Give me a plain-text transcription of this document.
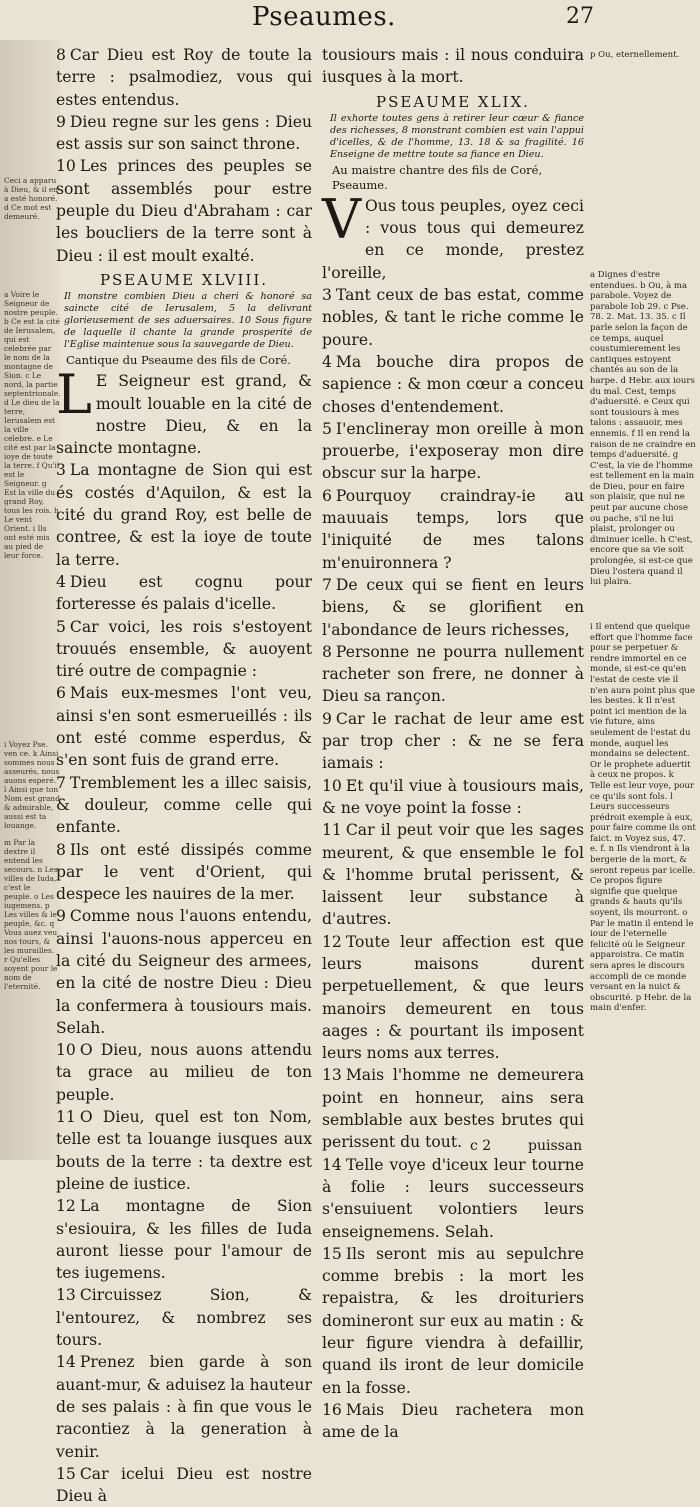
Pseaumes.	27

8 Car Dieu est Roy de toute la terre : psalmodiez, vous qui estes entendus.

9 Dieu regne sur les gens : Dieu est assis sur son sainct throne.

10 Les princes des peuples se sont assemblés pour estre peuple du Dieu d'Abraham : car les boucliers de la terre sont à Dieu : il est moult exalté.

PSEAUME XLVIII.
Il monstre combien Dieu a cheri & honoré sa saincte cité de Ierusalem, 5 la delivrant glorieusement de ses aduersaires. 10 Sous figure de laquelle il chante la grande prosperité de l'Eglise maintenue sous la sauvegarde de Dieu.
Cantique du Pseaume des fils de Coré.
L E Seigneur est grand, & moult louable en la cité de nostre Dieu, & en la saincte montagne.

3 La montagne de Sion qui est és costés d'Aquilon, & est la cité du grand Roy, est belle de contree, & est la ioye de toute la terre.

4 Dieu est cognu pour forteresse és palais d'icelle.

5 Car voici, les rois s'estoyent trouués ensemble, & auoyent tiré outre de compagnie :

6 Mais eux-mesmes l'ont veu, ainsi s'en sont esmerueillés : ils ont esté comme esperdus, & s'en sont fuis de grand erre.

7 Tremblement les a illec saisis, & douleur, comme celle qui enfante.

8 Ils ont esté dissipés comme par le vent d'Orient, qui despece les nauires de la mer.

9 Comme nous l'auons entendu, ainsi l'auons-nous apperceu en la cité du Seigneur des armees, en la cité de nostre Dieu : Dieu la confermera à tousiours mais. Selah.

10 O Dieu, nous auons attendu ta grace au milieu de ton peuple.

11 O Dieu, quel est ton Nom, telle est ta louange iusques aux bouts de la terre : ta dextre est pleine de iustice.

12 La montagne de Sion s'esiouira, & les filles de Iuda auront liesse pour l'amour de tes iugemens.

13 Circuissez Sion, & l'entourez, & nombrez ses tours.

14 Prenez bien garde à son auant-mur, & aduisez la hauteur de ses palais : à fin que vous le racontiez à la generation à venir.

15 Car icelui Dieu est nostre Dieu à

tousiours mais : il nous conduira iusques à la mort.

PSEAUME XLIX.
Il exhorte toutes gens à retirer leur cœur & fiance des richesses, 8 monstrant combien est vain l'appui d'icelles, & de l'homme, 13. 18 & sa fragilité. 16 Enseigne de mettre toute sa fiance en Dieu.
Au maistre chantre des fils de Coré, Pseaume.
V Ous tous peuples, oyez ceci : vous tous qui demeurez en ce monde, prestez l'oreille,

3 Tant ceux de bas estat, comme nobles, & tant le riche comme le poure.

4 Ma bouche dira propos de sapience : & mon cœur a conceu choses d'entendement.

5 I'enclineray mon oreille à mon prouerbe, i'exposeray mon dire obscur sur la harpe.

6 Pourquoy craindray-ie au mauuais temps, lors que l'iniquité de mes talons m'enuironnera ?

7 De ceux qui se fient en leurs biens, & se glorifient en l'abondance de leurs richesses,

8 Personne ne pourra nullement racheter son frere, ne donner à Dieu sa rançon.

9 Car le rachat de leur ame est par trop cher : & ne se fera iamais :

10 Et qu'il viue à tousiours mais, & ne voye point la fosse :

11 Car il peut voir que les sages meurent, & que ensemble le fol & l'homme brutal perissent, & laissent leur substance à d'autres.

12 Toute leur affection est que leurs maisons durent perpetuellement, & que leurs manoirs demeurent en tous aages : & pourtant ils imposent leurs noms aux terres.

13 Mais l'homme ne demeurera point en honneur, ains sera semblable aux bestes brutes qui perissent du tout.

14 Telle voye d'iceux leur tourne à folie : leurs successeurs s'ensuiuent volontiers leurs enseignemens. Selah.

15 Ils seront mis au sepulchre comme brebis : la mort les repaistra, & les droituriers domineront sur eux au matin : & leur figure viendra à defaillir, quand ils iront de leur domicile en la fosse.

16 Mais Dieu rachetera mon ame de la

Ceci a apparu à Dieu, & il en a esté honoré. d Ce mot est demeuré.
a Voire le Seigneur de nostre peuple. b Ce est la cité de Ierusalem, qui est celebrée par le nom de la montagne de Sion. c Le nord, la partie septentrionale. d Le dieu de la terre, Ierusalem est la ville celebre. e Le cité est par la ioye de toute la terre. f Qu'il est le Seigneur. g Est la ville du grand Roy, tous les rois. h Le vent Orient. i Ils ont esté mis au pied de leur force.
i Voyez Pse. ven ce. k Ainsi sommes nous asseurés, nous auons esperé. l Ainsi que ton Nom est grand & admirable, aussi est ta louange.
m Par la dextre il entend les secours. n Les villes de Iuda, c'est le peuple. o Les iugemens. p Les villes & le peuple, &c. q Vous auez veu nos tours, & les murailles. r Qu'elles soyent pour le nom de l'eternité.
p Ou, eternellement.
a Dignes d'estre entendues. b Ou, à ma parabole. Voyez de parabole Iob 29. c Pse. 78. 2. Mat. 13. 35. c Il parle selon la façon de ce temps, auquel coustumierement les cantiques estoyent chantés au son de la harpe. d Hebr. aux iours du mal. Cest, temps d'aduersité. e Ceux qui sont tousiours à mes talons : assauoir, mes ennemis. f Il en rend la raison de ne craindre en temps d'aduersité. g C'est, la vie de l'homme est tellement en la main de Dieu, pour en faire son plaisir, que nul ne peut par aucune chose ou pache, s'il ne lui plaist, prolonger ou diminuer icelle. h C'est, encore que sa vie soit prolongée, si est-ce que Dieu l'ostera quand il lui plaira.
i Il entend que quelque effort que l'homme face pour se perpetuer & rendre immortel en ce monde, si est-ce qu'en l'estat de ceste vie il n'en aura point plus que les bestes. k Il n'est point ici mention de la vie future, ains seulement de l'estat du monde, auquel les mondains se delectent. Or le prophete aduertit à ceux ne propos. k Telle est leur voye, pour ce qu'ils sont fols. l Leurs successeurs prédroit exemple à eux, pour faire comme ils ont faict. m Voyez sus, 47. e. f. n Ils viendront à la bergerie de la mort, & seront repeus par icelle. Ce propos figure signifie que quelque grands & hauts qu'ils soyent, ils mourront. o Par le matin il entend le iour de l'eternelle felicité où le Seigneur apparoistra. Ce matin sera apres le discours accompli de ce monde versant en la nuict & obscurité. p Hebr. de la main d'enfer.
c 2	puissan
